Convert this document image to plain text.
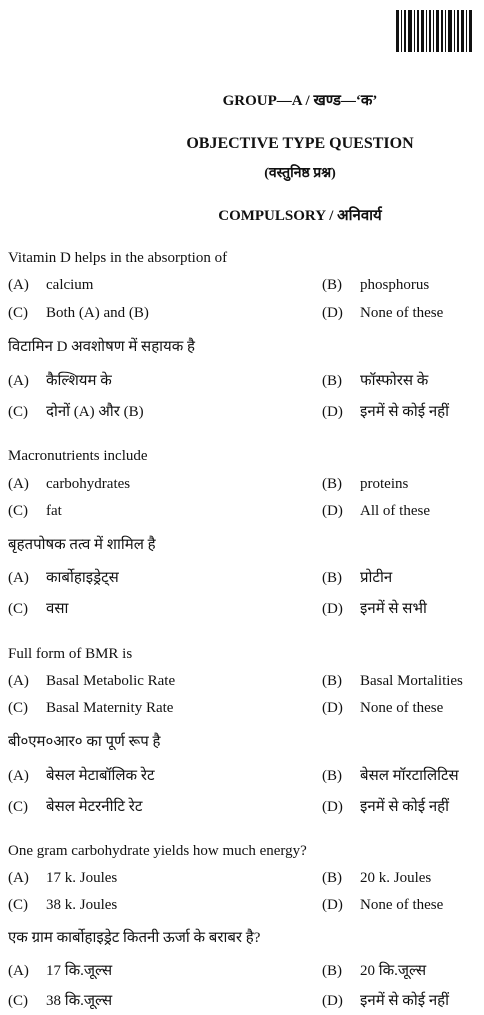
GROUP—A / खण्ड—‘क’
OBJECTIVE TYPE QUESTION
(वस्तुनिष्ठ प्रश्न)
COMPULSORY / अनिवार्य
Vitamin D helps in the absorption of
(A) calcium	(B) phosphorus
(C) Both (A) and (B)	(D) None of these
विटामिन D अवशोषण में सहायक है
(A) कैल्शियम के	(B) फॉस्फोरस के
(C) दोनों (A) और (B)	(D) इनमें से कोई नहीं
Macronutrients include
(A) carbohydrates	(B) proteins
(C) fat	(D) All of these
बृहतपोषक तत्व में शामिल है
(A) कार्बोहाइड्रेट्स	(B) प्रोटीन
(C) वसा	(D) इनमें से सभी
Full form of BMR is
(A) Basal Metabolic Rate	(B) Basal Mortalities
(C) Basal Maternity Rate	(D) None of these
बी०एम०आर० का पूर्ण रूप है
(A) बेसल मेटाबॉलिक रेट	(B) बेसल मॉरटालिटिस
(C) बेसल मेटरनीटि रेट	(D) इनमें से कोई नहीं
One gram carbohydrate yields how much energy?
(A) 17 k. Joules	(B) 20 k. Joules
(C) 38 k. Joules	(D) None of these
एक ग्राम कार्बोहाइड्रेट कितनी ऊर्जा के बराबर है?
(A) 17 कि.जूल्स	(B) 20 कि.जूल्स
(C) 38 कि.जूल्स	(D) इनमें से कोई नहीं
